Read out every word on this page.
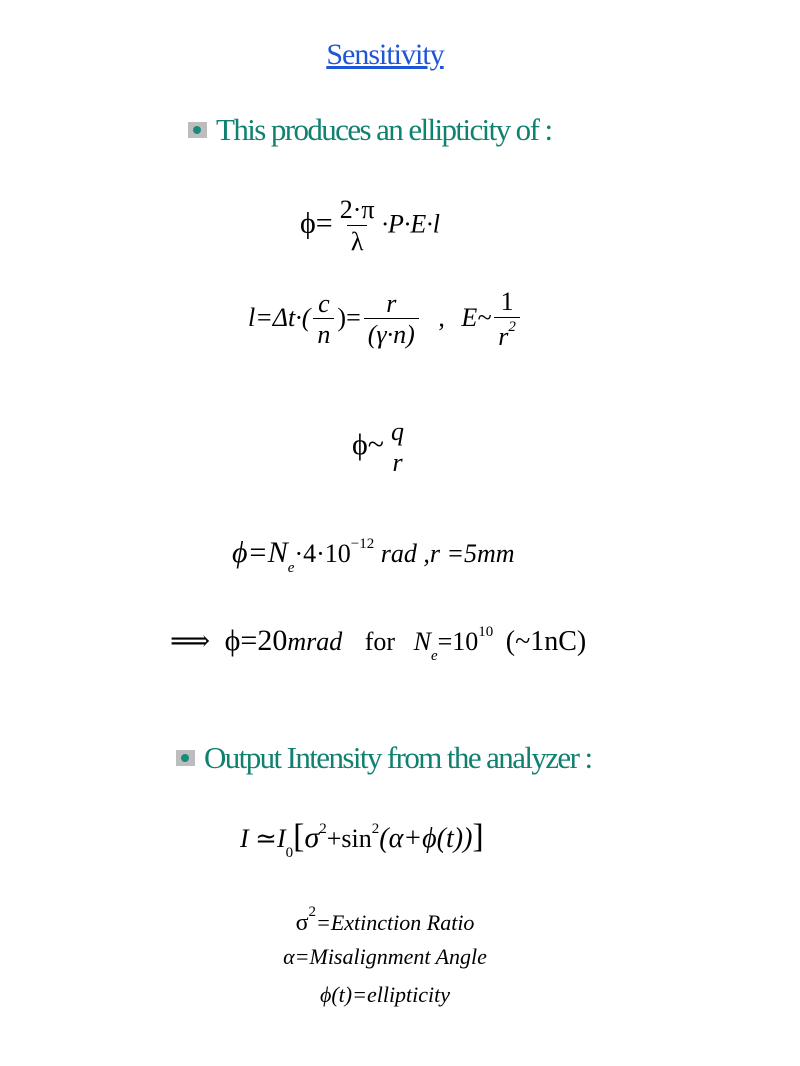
Sensitivity
This produces an ellipticity of :
$\phi= \frac{2\cdot\pi}{\lambda} \cdot P\cdot E\cdot l$
$l=\Delta t\cdot( \frac{c}{n}$ )= $\frac{r}{(\gamma\cdot n)}$ , E~ $\frac{1}{r^2}$
ϕ~ q
r
$\phi=N_e\cdot 4\cdot 10^{-12}$ rad ,r =5mm
⟹ ϕ=20mrad for $N_e=10^{10}$ (~1nC)
Output Intensity from the analyzer :
I $≃I_0[\sigma^2+\sin^2(\alpha+\phi(t))]$
$\sigma^2=Extinction$ Ratio
α=Misalignment Angle
ϕ(t)=ellipticity
